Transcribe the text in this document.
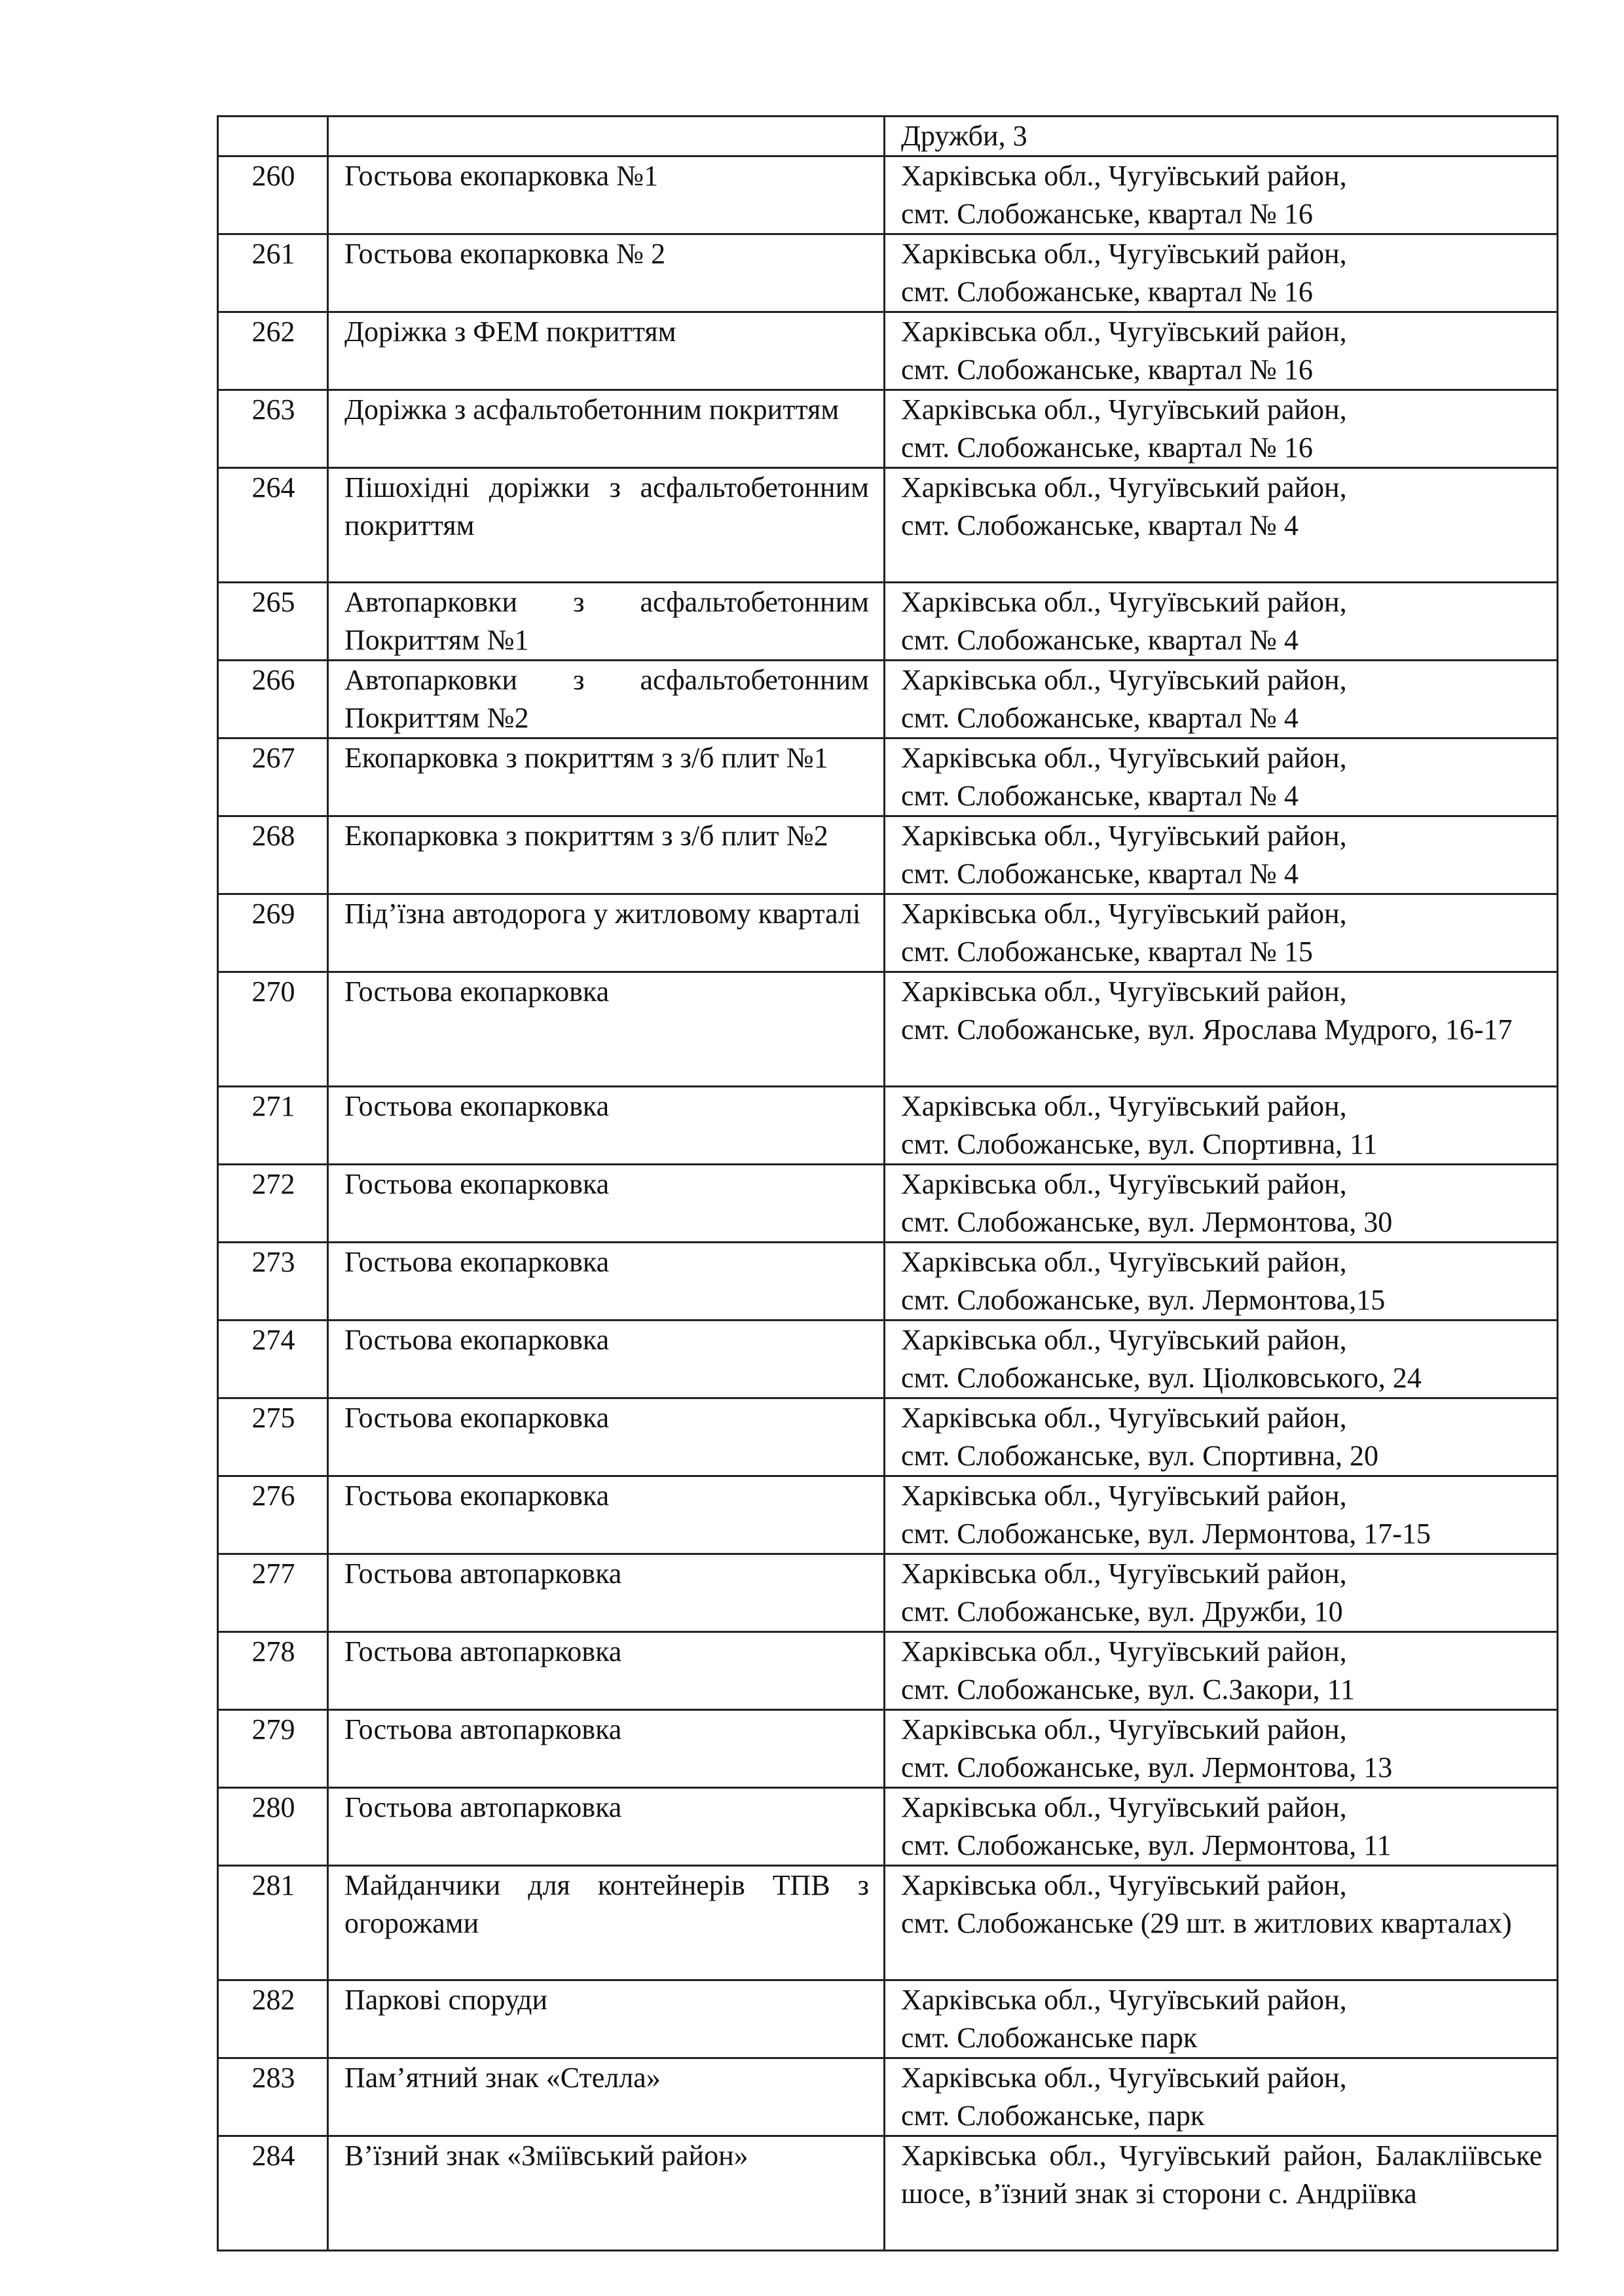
		Дружби, 3
260	Гостьова екопарковка №1	Харківська обл., Чугуївський район,
смт. Слобожанське, квартал № 16
261	Гостьова екопарковка № 2	Харківська обл., Чугуївський район,
смт. Слобожанське, квартал № 16
262	Доріжка з ФЕМ покриттям	Харківська обл., Чугуївський район,
смт. Слобожанське, квартал № 16
263	Доріжка з асфальтобетонним покриттям	Харківська обл., Чугуївський район,
смт. Слобожанське, квартал № 16
264	Пішохідні доріжки з асфальтобетонним покриттям	Харківська обл., Чугуївський район,
смт. Слобожанське, квартал № 4
265	Автопарковки з асфальтобетонним Покриттям №1	Харківська обл., Чугуївський район,
смт. Слобожанське, квартал № 4
266	Автопарковки з асфальтобетонним Покриттям №2	Харківська обл., Чугуївський район,
смт. Слобожанське, квартал № 4
267	Екопарковка з покриттям з з/б плит №1	Харківська обл., Чугуївський район,
смт. Слобожанське, квартал № 4
268	Екопарковка з покриттям з з/б плит №2	Харківська обл., Чугуївський район,
смт. Слобожанське, квартал № 4
269	Під’їзна автодорога у житловому кварталі	Харківська обл., Чугуївський район,
смт. Слобожанське, квартал № 15
270	Гостьова екопарковка	Харківська обл., Чугуївський район,
смт. Слобожанське, вул. Ярослава Мудрого, 16-17
271	Гостьова екопарковка	Харківська обл., Чугуївський район,
смт. Слобожанське, вул. Спортивна, 11
272	Гостьова екопарковка	Харківська обл., Чугуївський район,
смт. Слобожанське, вул. Лермонтова, 30
273	Гостьова екопарковка	Харківська обл., Чугуївський район,
смт. Слобожанське, вул. Лермонтова,15
274	Гостьова екопарковка	Харківська обл., Чугуївський район,
смт. Слобожанське, вул. Ціолковського, 24
275	Гостьова екопарковка	Харківська обл., Чугуївський район,
смт. Слобожанське, вул. Спортивна, 20
276	Гостьова екопарковка	Харківська обл., Чугуївський район,
смт. Слобожанське, вул. Лермонтова, 17-15
277	Гостьова автопарковка	Харківська обл., Чугуївський район,
смт. Слобожанське, вул. Дружби, 10
278	Гостьова автопарковка	Харківська обл., Чугуївський район,
смт. Слобожанське, вул. С.Закори, 11
279	Гостьова автопарковка	Харківська обл., Чугуївський район,
смт. Слобожанське, вул. Лермонтова, 13
280	Гостьова автопарковка	Харківська обл., Чугуївський район,
смт. Слобожанське, вул. Лермонтова, 11
281	Майданчики для контейнерів ТПВ з огорожами	Харківська обл., Чугуївський район,
смт. Слобожанське (29 шт. в житлових кварталах)
282	Паркові споруди	Харківська обл., Чугуївський район,
смт. Слобожанське парк
283	Пам’ятний знак «Стелла»	Харківська обл., Чугуївський район,
смт. Слобожанське, парк
284	В’їзний знак «Зміївський район»	Харківська обл., Чугуївський район, Балакліївське шосе, в’їзний знак зі сторони с. Андріївка
